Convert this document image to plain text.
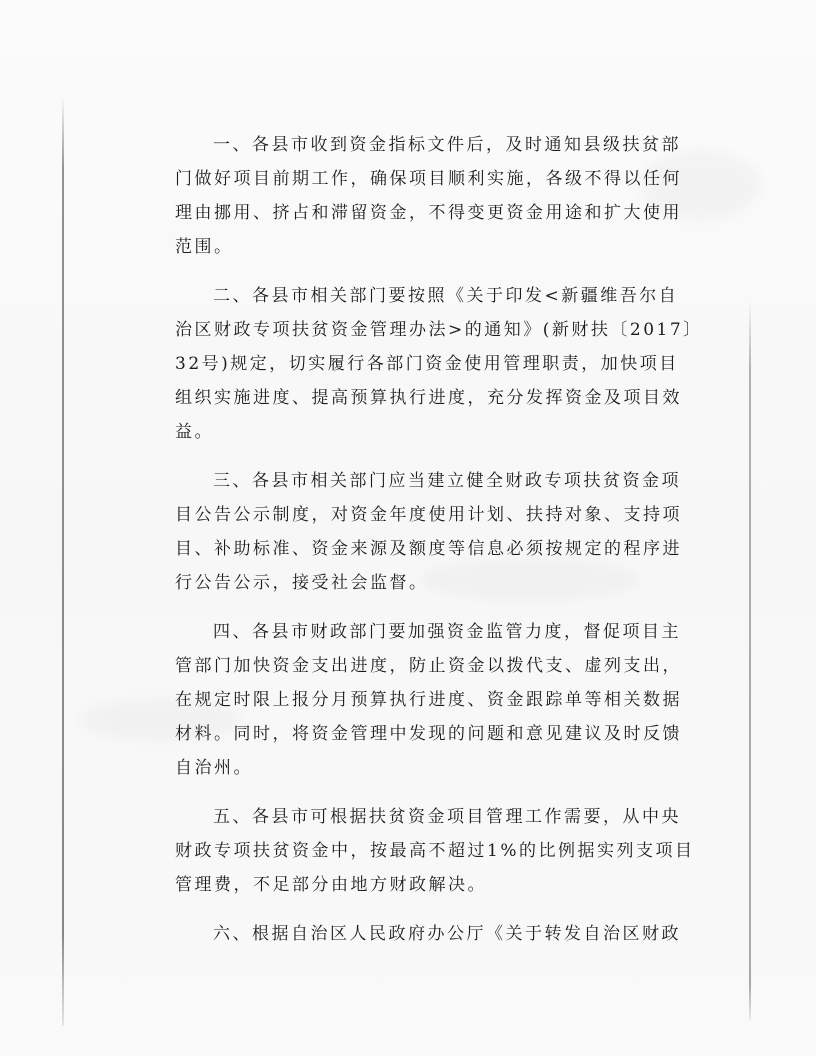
一、各县市收到资金指标文件后，及时通知县级扶贫部
门做好项目前期工作，确保项目顺利实施，各级不得以任何
理由挪用、挤占和滞留资金，不得变更资金用途和扩大使用
范围。
二、各县市相关部门要按照《关于印发<新疆维吾尔自
治区财政专项扶贫资金管理办法>的通知》(新财扶〔2017〕
32号)规定，切实履行各部门资金使用管理职责，加快项目
组织实施进度、提高预算执行进度，充分发挥资金及项目效
益。
三、各县市相关部门应当建立健全财政专项扶贫资金项
目公告公示制度，对资金年度使用计划、扶持对象、支持项
目、补助标准、资金来源及额度等信息必须按规定的程序进
行公告公示，接受社会监督。
四、各县市财政部门要加强资金监管力度，督促项目主
管部门加快资金支出进度，防止资金以拨代支、虚列支出，
在规定时限上报分月预算执行进度、资金跟踪单等相关数据
材料。同时，将资金管理中发现的问题和意见建议及时反馈
自治州。
五、各县市可根据扶贫资金项目管理工作需要，从中央
财政专项扶贫资金中，按最高不超过1%的比例据实列支项目
管理费，不足部分由地方财政解决。
六、根据自治区人民政府办公厅《关于转发自治区财政
